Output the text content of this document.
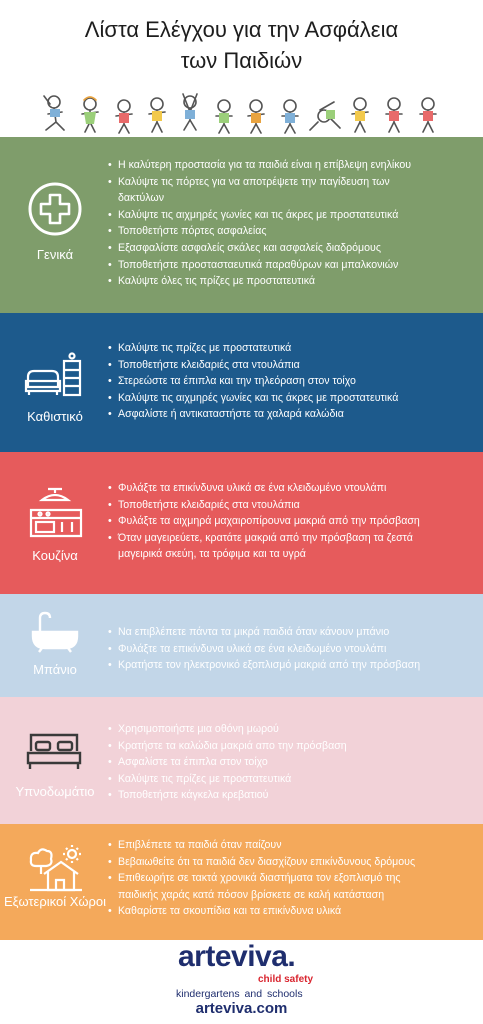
Λίστα Ελέγχου για την Ασφάλεια
των Παιδιών
Γενικά
• Η καλύτερη προστασία για τα παιδιά είναι η επίβλεψη ενηλίκου
• Καλύψτε τις πόρτες για να αποτρέψετε την παγίδευση των
δακτύλων
• Καλύψτε τις αιχμηρές γωνίες και τις άκρες με προστατευτικά
• Τοποθετήστε πόρτες ασφαλείας
• Εξασφαλίστε ασφαλείς σκάλες και ασφαλείς διαδρόμους
• Τοποθετήστε προστασταευτικά παραθύρων και μπαλκονιών
• Καλύψτε όλες τις πρίζες με προστατευτικά
Καθιστικό
• Καλύψτε τις πρίζες με προστατευτικά
• Τοποθετήστε κλειδαριές στα ντουλάπια
• Στερεώστε τα έπιπλα και την τηλεόραση στον τοίχο
• Καλύψτε τις αιχμηρές γωνίες και τις άκρες με προστατευτικά
• Ασφαλίστε ή αντικαταστήστε τα χαλαρά καλώδια
Κουζίνα
• Φυλάξτε τα επικίνδυνα υλικά σε ένα κλειδωμένο ντουλάπι
• Τοποθετήστε κλειδαριές στα ντουλάπια
• Φυλάξτε τα αιχμηρά μαχαιροπίρουνα μακριά από την πρόσβαση
• Όταν μαγειρεύετε, κρατάτε μακριά από την πρόσβαση τα ζεστά
μαγειρικά σκεύη, τα τρόφιμα και τα υγρά
Μπάνιο
• Να επιβλέπετε πάντα τα μικρά παιδιά όταν κάνουν μπάνιο
• Φυλάξτε τα επικίνδυνα υλικά σε ένα κλειδωμένο ντουλάπι
• Κρατήστε τον ηλεκτρονικό εξοπλισμό μακριά από την πρόσβαση
Υπνοδωμάτιο
• Χρησιμοποιήστε μια οθόνη μωρού
• Κρατήστε τα καλώδια μακριά απο την πρόσβαση
• Ασφαλίστε τα έπιπλα στον τοίχο
• Καλύψτε τις πρίζες με προστατευτικά
• Τοποθετήστε κάγκελα κρεβατιού
Εξωτερικοί Χώροι
• Επιβλέπετε τα παιδιά όταν παίζουν
• Βεβαιωθείτε ότι τα παιδιά δεν διασχίζουν επικίνδυνους δρόμους
• Επιθεωρήτε σε τακτά χρονικά διαστήματα τον εξοπλισμό της
παιδικής χαράς κατά πόσον βρίσκετε σε καλή κατάσταση
• Καθαρίστε τα σκουπίδια και τα επικίνδυνα υλικά
arteviva.
child safety
kindergartens and schools
arteviva.com
